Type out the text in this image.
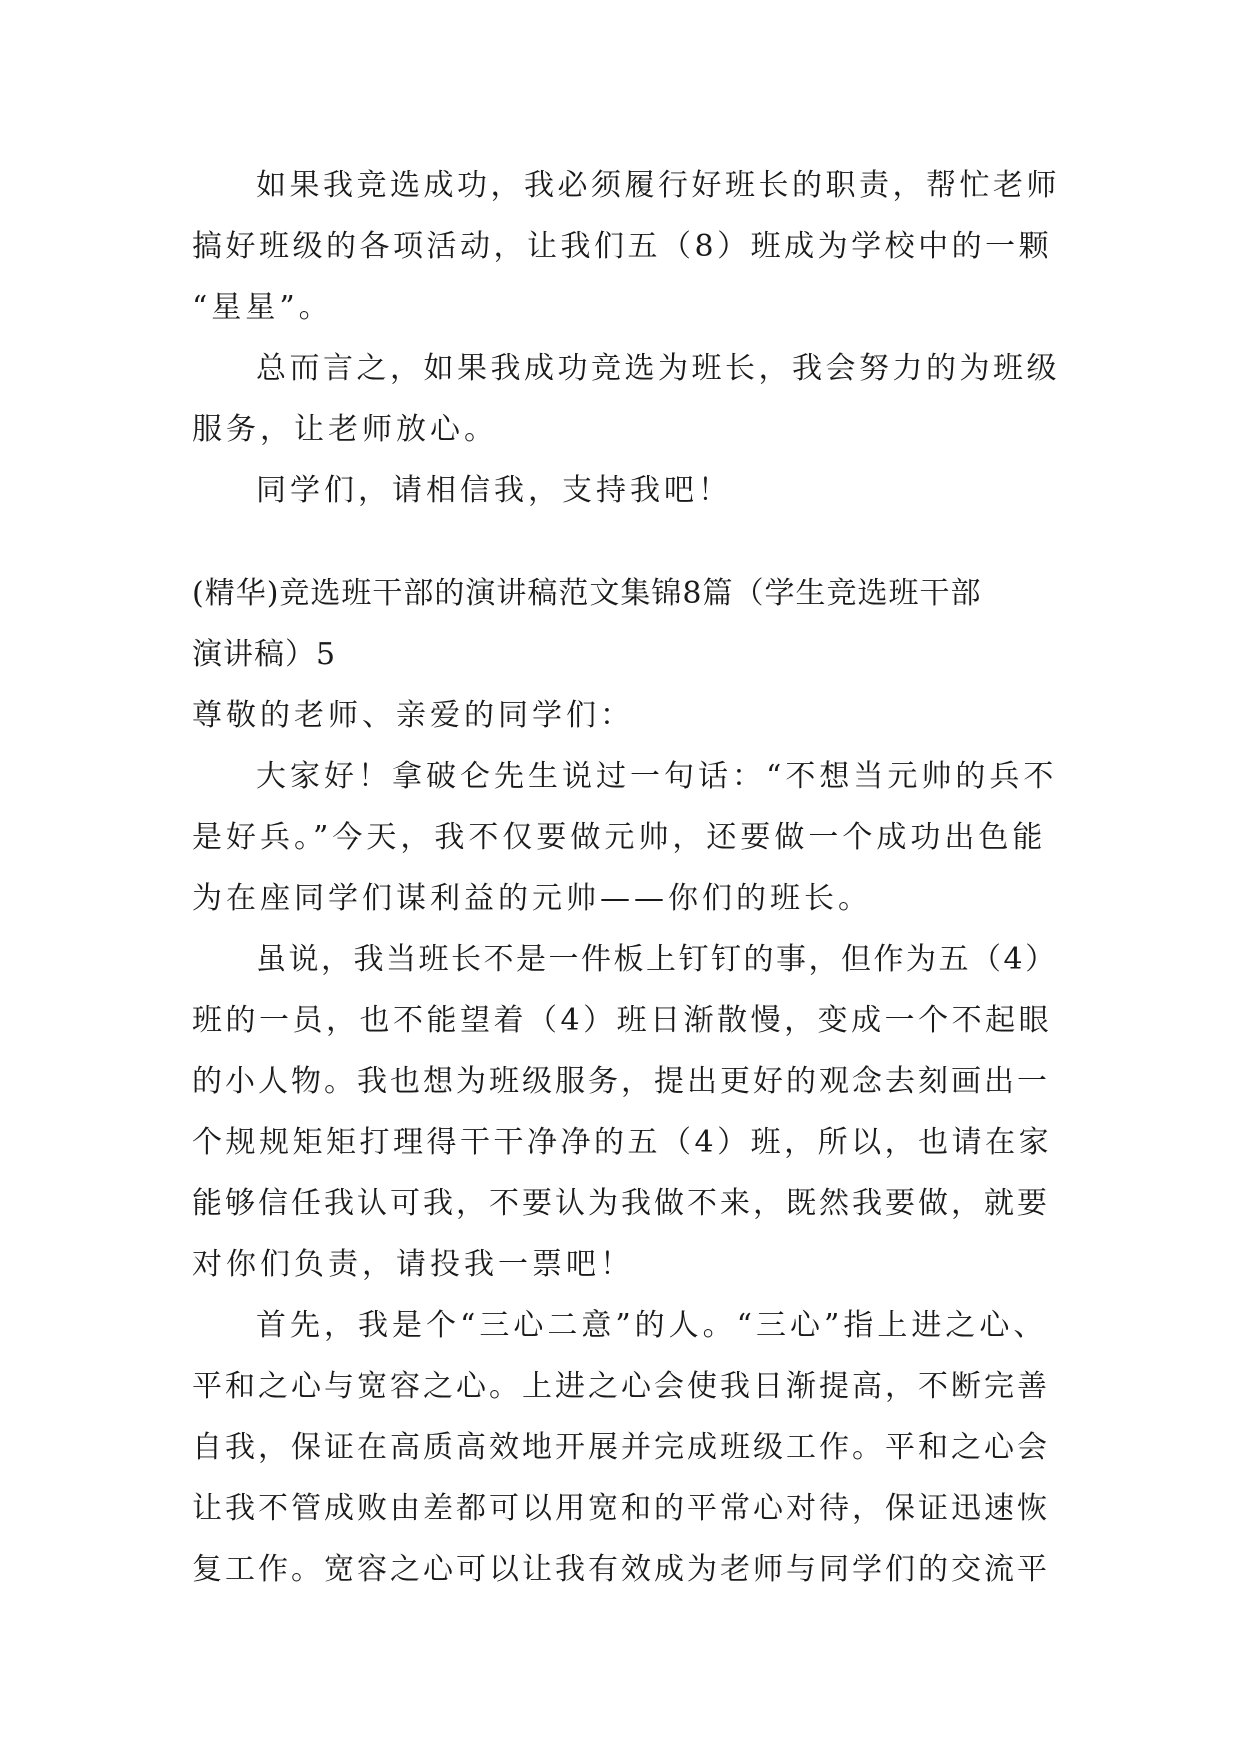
如果我竞选成功，我必须履行好班长的职责，帮忙老师
搞好班级的各项活动，让我们五（8）班成为学校中的一颗
“星星”。
总而言之，如果我成功竞选为班长，我会努力的为班级
服务，让老师放心。
同学们，请相信我，支持我吧！
(精华)竞选班干部的演讲稿范文集锦8篇（学生竞选班干部
演讲稿）5
尊敬的老师、亲爱的同学们：
大家好！拿破仑先生说过一句话：“不想当元帅的兵不
是好兵。”今天，我不仅要做元帅，还要做一个成功出色能
为在座同学们谋利益的元帅——你们的班长。
虽说，我当班长不是一件板上钉钉的事，但作为五（4）
班的一员，也不能望着（4）班日渐散慢，变成一个不起眼
的小人物。我也想为班级服务，提出更好的观念去刻画出一
个规规矩矩打理得干干净净的五（4）班，所以，也请在家
能够信任我认可我，不要认为我做不来，既然我要做，就要
对你们负责，请投我一票吧！
首先，我是个“三心二意”的人。“三心”指上进之心、
平和之心与宽容之心。上进之心会使我日渐提高，不断完善
自我，保证在高质高效地开展并完成班级工作。平和之心会
让我不管成败由差都可以用宽和的平常心对待，保证迅速恢
复工作。宽容之心可以让我有效成为老师与同学们的交流平
